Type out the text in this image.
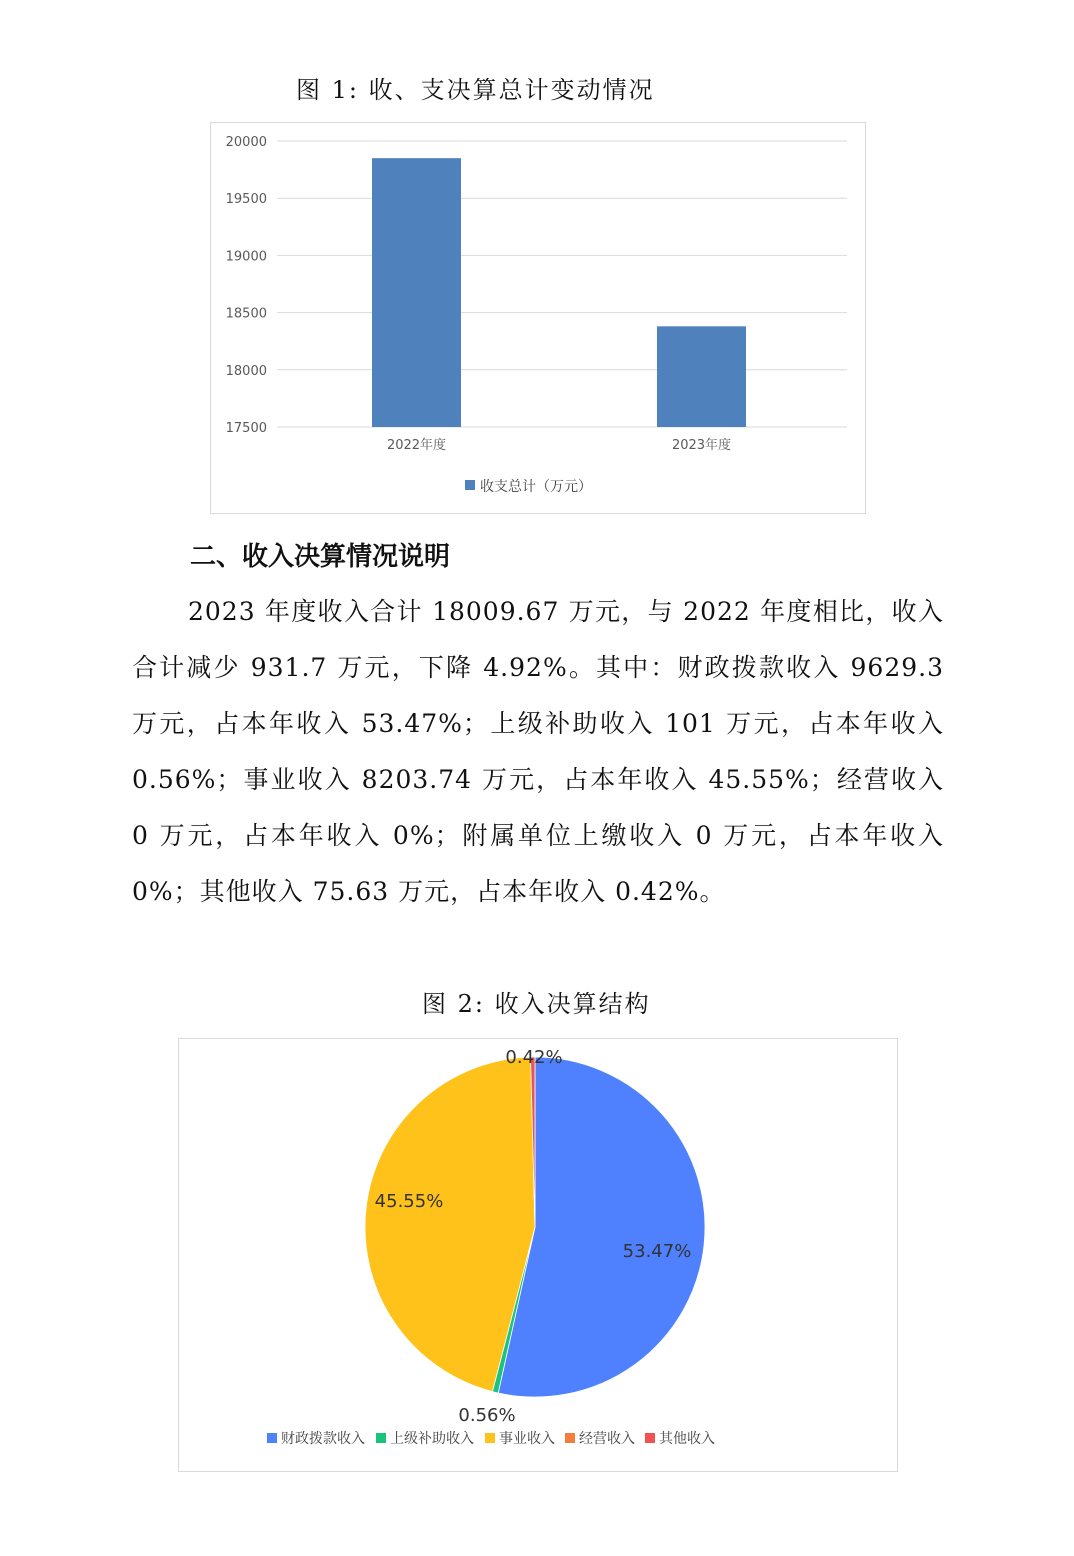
图 1: 收、支决算总计变动情况
20000
19500
19000
18500
18000
17500
2022年度	2023年度
收支总计（万元）
二、收入决算情况说明
2023 年度收入合计 18009.67 万元，与 2022 年度相比，收入合计减少 931.7 万元，下降 4.92%。其中：财政拨款收入 9629.3 万元，占本年收入 53.47%；上级补助收入 101 万元，占本年收入 0.56%；事业收入 8203.74 万元，占本年收入 45.55%；经营收入 0 万元，占本年收入 0%；附属单位上缴收入 0 万元，占本年收入 0%；其他收入 75.63 万元，占本年收入 0.42%。
图 2: 收入决算结构
53.47%
0.56%
45.55%
0.42%
财政拨款收入 上级补助收入 事业收入 经营收入 其他收入
